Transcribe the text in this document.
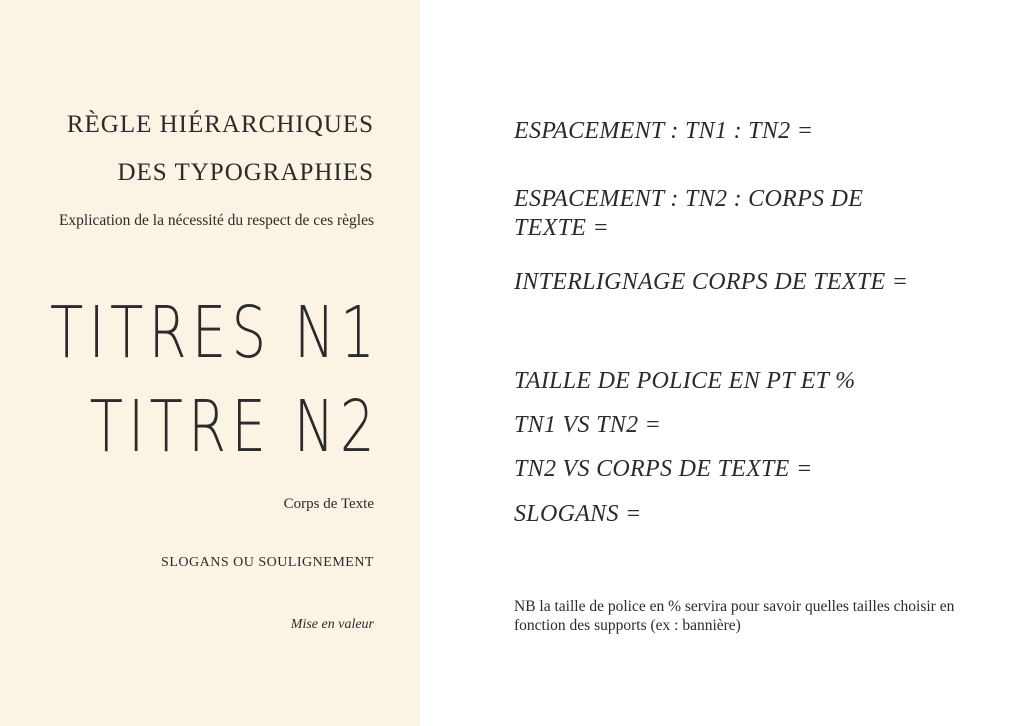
RÈGLE HIÉRARCHIQUES DES TYPOGRAPHIES

Explication de la nécessité du respect de ces règles

TITRES N1
TITRE N2

Corps de Texte

SLOGANS OU SOULIGNEMENT

Mise en valeur

ESPACEMENT : TN1 : TN2 =

ESPACEMENT : TN2 : CORPS DE TEXTE =

INTERLIGNAGE CORPS DE TEXTE =

TAILLE DE POLICE EN PT ET %

TN1 VS TN2 =

TN2 VS CORPS DE TEXTE =

SLOGANS =

NB la taille de police en % servira pour savoir quelles tailles choisir en fonction des supports (ex : bannière)
